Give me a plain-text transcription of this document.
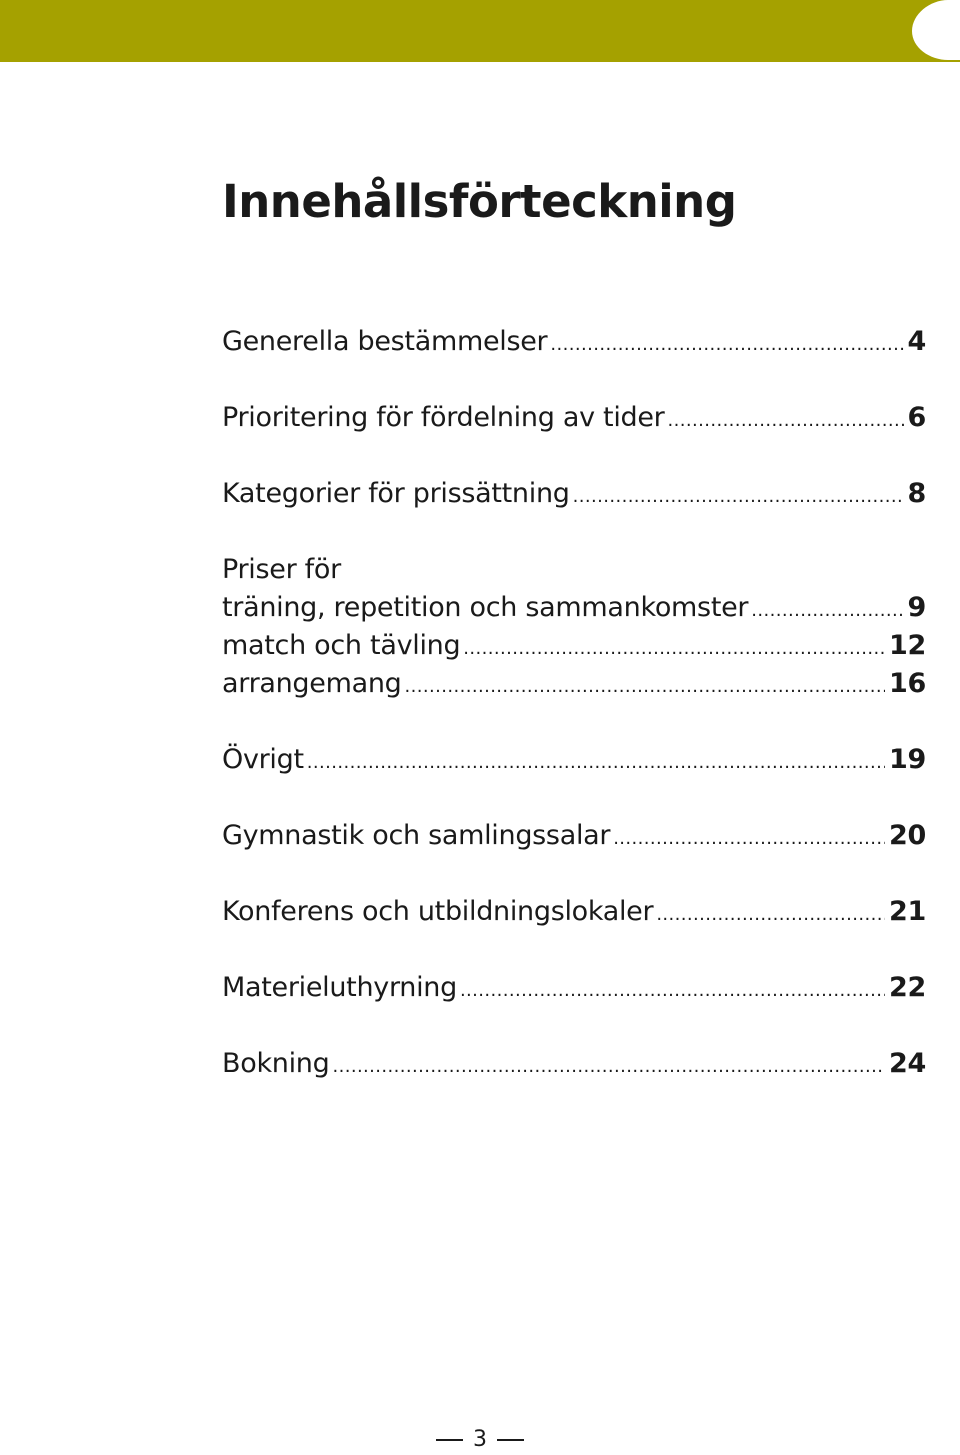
Innehållsförteckning
Generella bestämmelser .....	4
Prioritering för fördelning av tider .....	6
Kategorier för prissättning .....	8
Priser för
träning, repetition och sammankomster .....	9
match och tävling .....	12
arrangemang .....	16
Övrigt .....	19
Gymnastik och samlingssalar .....	20
Konferens och utbildningslokaler .....	21
Materieluthyrning .....	22
Bokning .....	24
3
